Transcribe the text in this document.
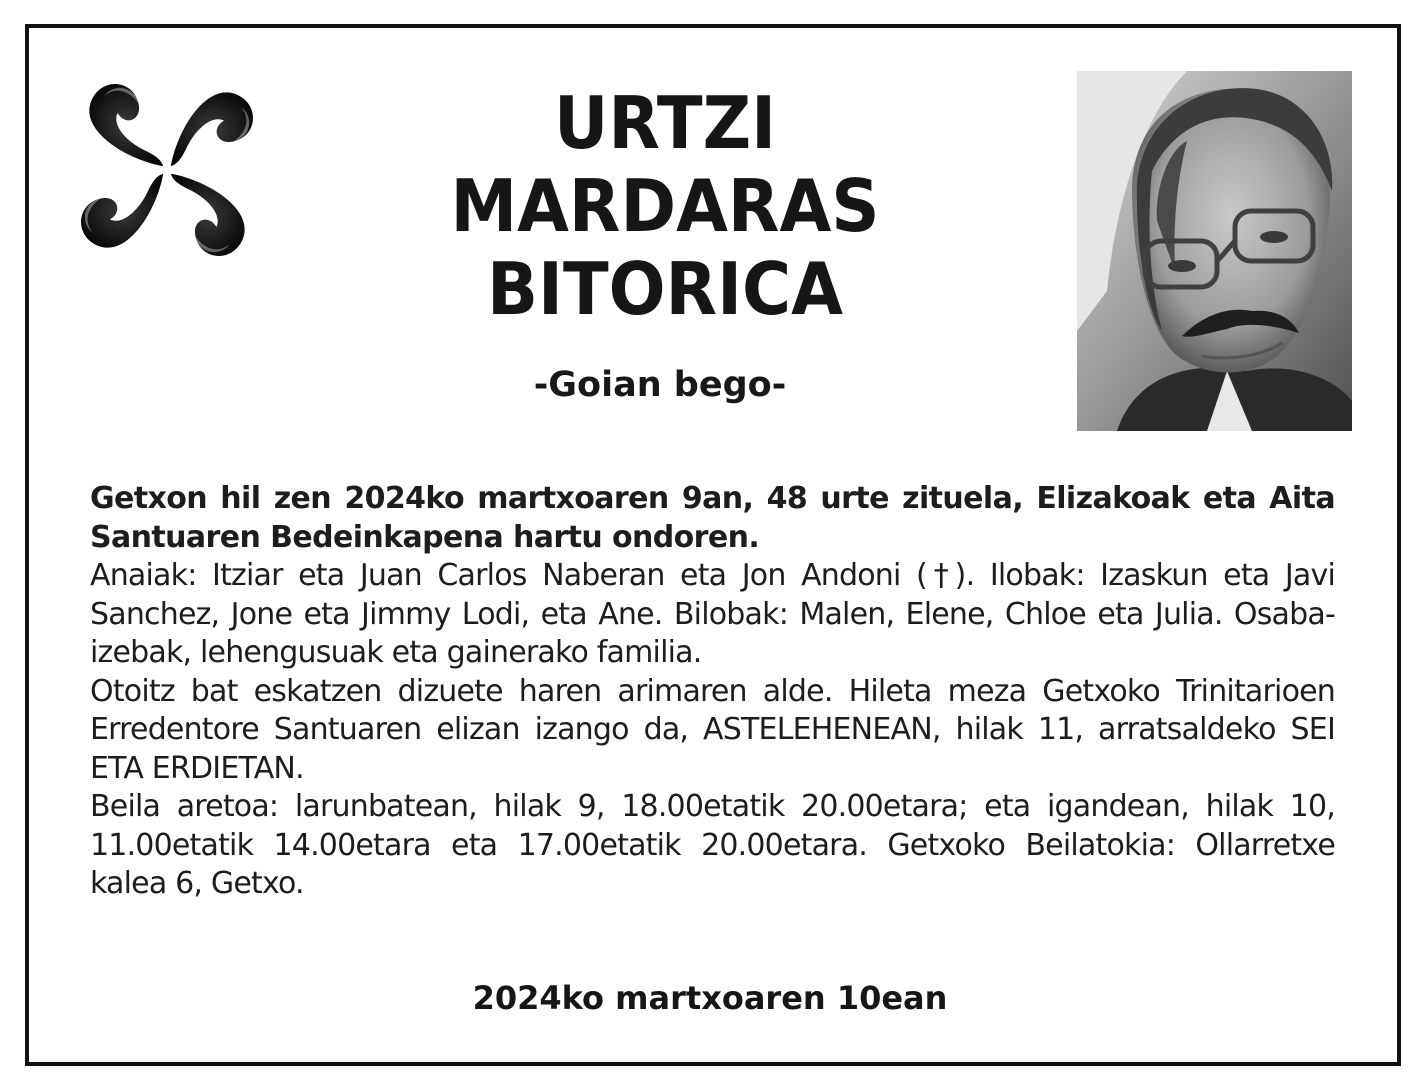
URTZI
MARDARAS
BITORICA
-Goian bego-

Getxon hil zen 2024ko martxoaren 9an, 48 urte zituela, Elizakoak eta Aita Santuaren Bedeinkapena hartu ondoren.

Anaiak: Itziar eta Juan Carlos Naberan eta Jon Andoni (†). Ilobak: Izaskun eta Javi Sanchez, Jone eta Jimmy Lodi, eta Ane. Bilobak: Malen, Elene, Chloe eta Julia. Osaba-izebak, lehengusuak eta gainerako familia.

Otoitz bat eskatzen dizuete haren arimaren alde. Hileta meza Getxoko Trinitarioen Erredentore Santuaren elizan izango da, ASTELEHENEAN, hilak 11, arratsaldeko SEI ETA ERDIETAN.

Beila aretoa: larunbatean, hilak 9, 18.00etatik 20.00etara; eta igandean, hilak 10, 11.00etatik 14.00etara eta 17.00etatik 20.00etara. Getxoko Beilatokia: Ollarretxe kalea 6, Getxo.

2024ko martxoaren 10ean
